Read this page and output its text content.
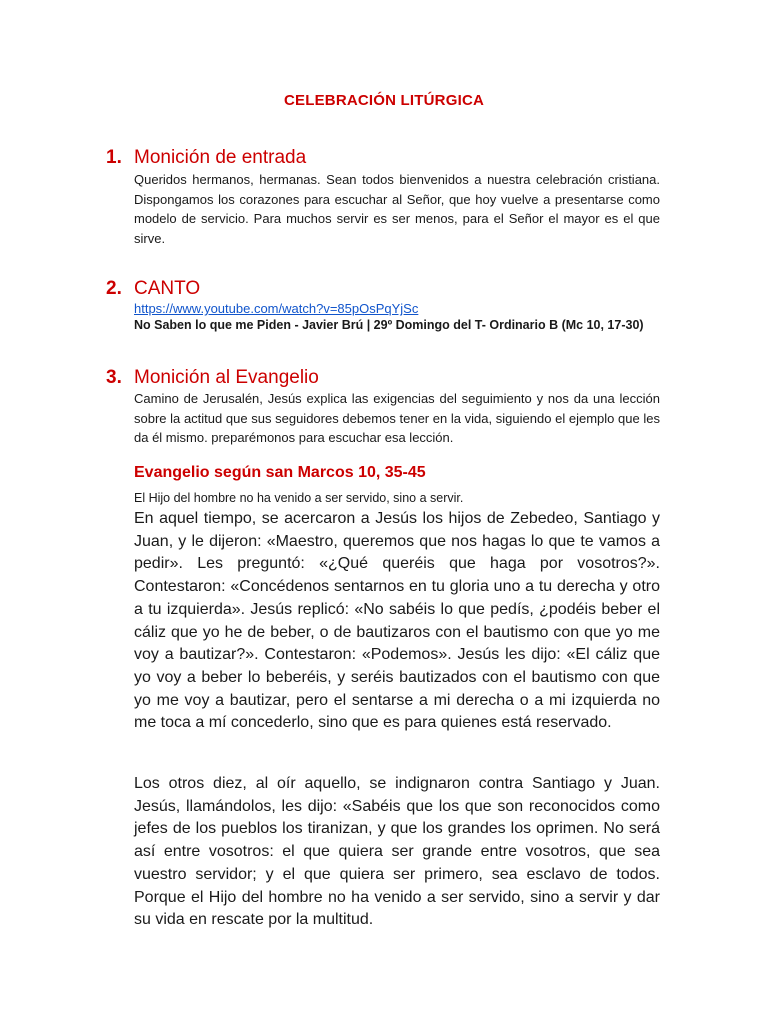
CELEBRACIÓN LITÚRGICA
1. Monición de entrada
Queridos hermanos, hermanas. Sean todos bienvenidos a nuestra celebración cristiana. Dispongamos los corazones para escuchar al Señor, que hoy vuelve a presentarse como modelo de servicio. Para muchos servir es ser menos, para el Señor el mayor es el que sirve.
2. CANTO
https://www.youtube.com/watch?v=85pOsPqYjSc
No Saben lo que me Piden - Javier Brú | 29º Domingo del T- Ordinario B (Mc 10, 17-30)
3. Monición al Evangelio
Camino de Jerusalén, Jesús explica las exigencias del seguimiento y nos da una lección sobre la actitud que sus seguidores debemos tener en la vida, siguiendo el ejemplo que les da él mismo. preparémonos para escuchar esa lección.
Evangelio según san Marcos 10, 35-45
El Hijo del hombre no ha venido a ser servido, sino a servir.

En aquel tiempo, se acercaron a Jesús los hijos de Zebedeo, Santiago y Juan, y le dijeron: «Maestro, queremos que nos hagas lo que te vamos a pedir». Les preguntó: «¿Qué queréis que haga por vosotros?». Contestaron: «Concédenos sentarnos en tu gloria uno a tu derecha y otro a tu izquierda». Jesús replicó: «No sabéis lo que pedís, ¿podéis beber el cáliz que yo he de beber, o de bautizaros con el bautismo con que yo me voy a bautizar?». Contestaron: «Podemos». Jesús les dijo: «El cáliz que yo voy a beber lo beberéis, y seréis bautizados con el bautismo con que yo me voy a bautizar, pero el sentarse a mi derecha o a mi izquierda no me toca a mí concederlo, sino que es para quienes está reservado.

Los otros diez, al oír aquello, se indignaron contra Santiago y Juan. Jesús, llamándolos, les dijo: «Sabéis que los que son reconocidos como jefes de los pueblos los tiranizan, y que los grandes los oprimen. No será así entre vosotros: el que quiera ser grande entre vosotros, que sea vuestro servidor; y el que quiera ser primero, sea esclavo de todos. Porque el Hijo del hombre no ha venido a ser servido, sino a servir y dar su vida en rescate por la multitud.
